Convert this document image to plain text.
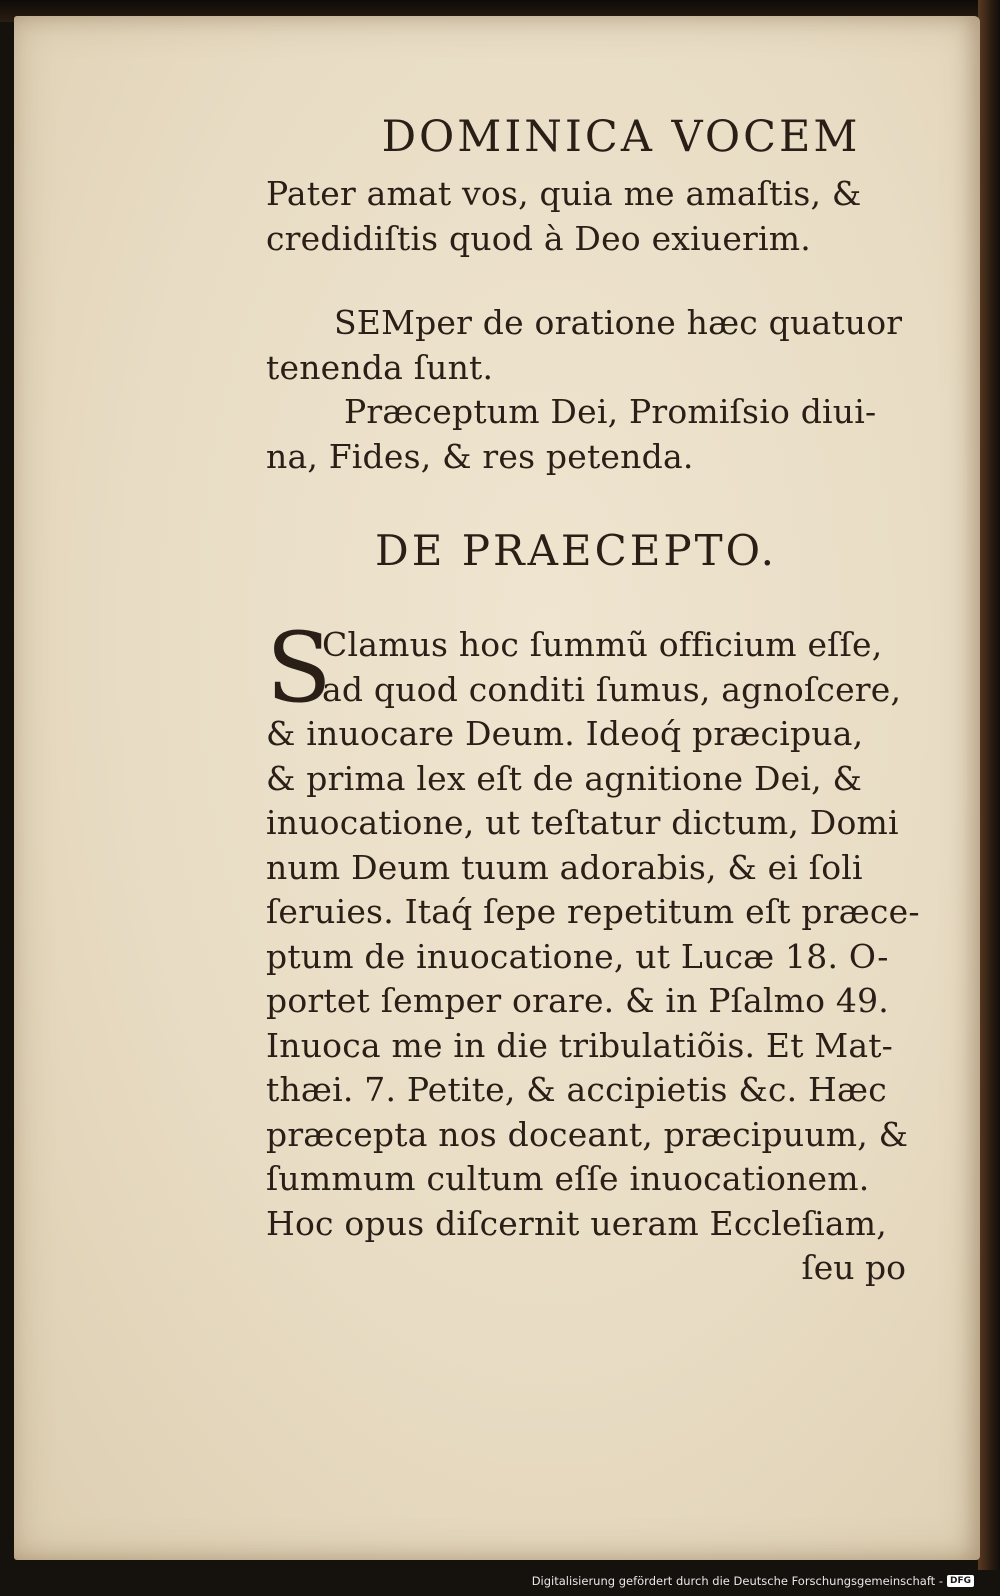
DOMINICA VOCEM
Pater amat vos, quia me amaſtis, &
credidiſtis quod à Deo exiuerim.
SEMper de oratione hæc quatuor
tenenda ſunt.
Præceptum Dei, Promiſsio diui-
na, Fides, & res petenda.
DE PRAECEPTO.
S
Clamus hoc ſummũ officium eſſe,
ad quod conditi ſumus, agnoſcere,
& inuocare Deum. Ideoq́ præcipua,
& prima lex eſt de agnitione Dei, &
inuocatione, ut teſtatur dictum, Domi
num Deum tuum adorabis, & ei ſoli
ſeruies. Itaq́ ſepe repetitum eſt præce-
ptum de inuocatione, ut Lucæ 18. O-
portet ſemper orare. & in Pſalmo 49.
Inuoca me in die tribulatiõis. Et Mat-
thæi. 7. Petite, & accipietis &c. Hæc
præcepta nos doceant, præcipuum, &
ſummum cultum eſſe inuocationem.
Hoc opus diſcernit ueram Eccleſiam,
ſeu po
Digitalisierung gefördert durch die Deutsche Forschungsgemeinschaft - DFG
